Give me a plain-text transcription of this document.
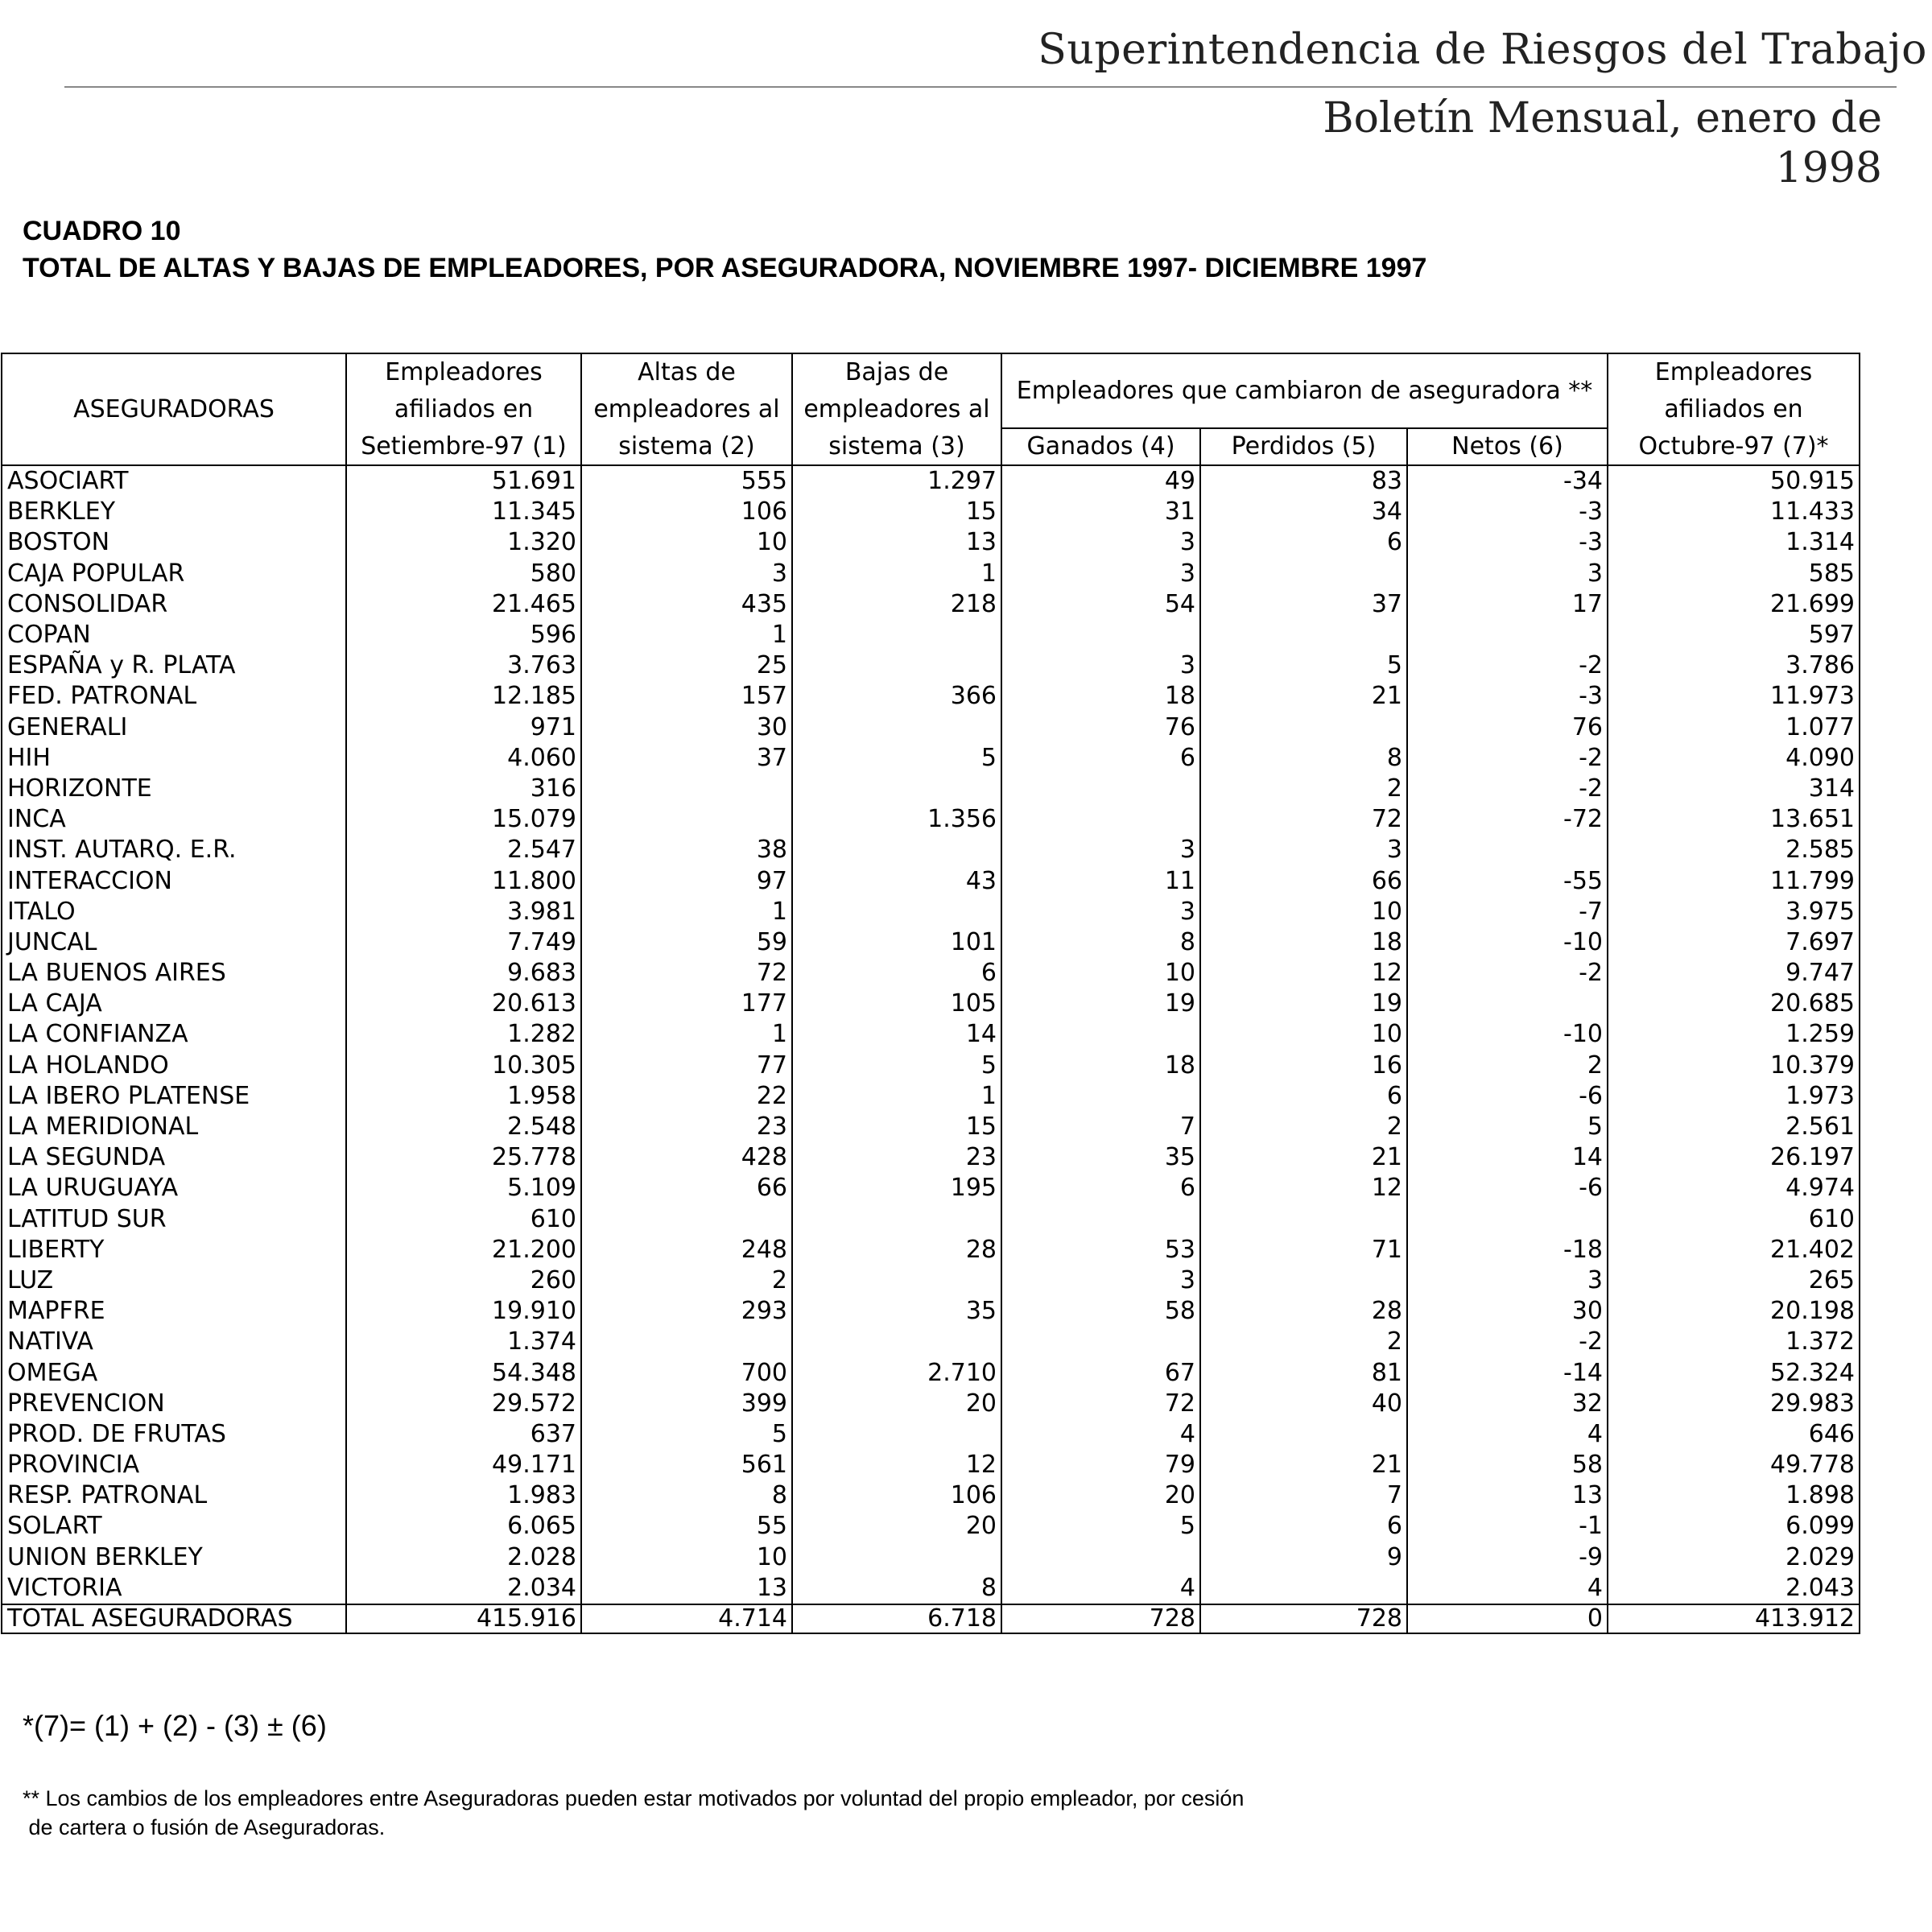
Superintendencia de Riesgos del Trabajo
Boletín Mensual, enero de
1998
CUADRO 10
TOTAL DE ALTAS Y BAJAS DE EMPLEADORES, POR ASEGURADORA, NOVIEMBRE 1997- DICIEMBRE 1997
ASEGURADORAS	Empleadores	Altas de	Bajas de	Empleadores que cambiaron de aseguradora **			Empleadores
	afiliados en	empleadores al	empleadores al				afiliados en
	Setiembre-97 (1)	sistema (2)	sistema (3)	Ganados (4)	Perdidos (5)	Netos (6)	Octubre-97 (7)*
ASOCIART	51.691	555	1.297	49	83	-34	50.915
BERKLEY	11.345	106	15	31	34	-3	11.433
BOSTON	1.320	10	13	3	6	-3	1.314
CAJA POPULAR	580	3	1	3		3	585
CONSOLIDAR	21.465	435	218	54	37	17	21.699
COPAN	596	1					597
ESPAÑA y R. PLATA	3.763	25		3	5	-2	3.786
FED. PATRONAL	12.185	157	366	18	21	-3	11.973
GENERALI	971	30		76		76	1.077
HIH	4.060	37	5	6	8	-2	4.090
HORIZONTE	316				2	-2	314
INCA	15.079		1.356		72	-72	13.651
INST. AUTARQ. E.R.	2.547	38		3	3		2.585
INTERACCION	11.800	97	43	11	66	-55	11.799
ITALO	3.981	1		3	10	-7	3.975
JUNCAL	7.749	59	101	8	18	-10	7.697
LA BUENOS AIRES	9.683	72	6	10	12	-2	9.747
LA CAJA	20.613	177	105	19	19		20.685
LA CONFIANZA	1.282	1	14		10	-10	1.259
LA HOLANDO	10.305	77	5	18	16	2	10.379
LA IBERO PLATENSE	1.958	22	1		6	-6	1.973
LA MERIDIONAL	2.548	23	15	7	2	5	2.561
LA SEGUNDA	25.778	428	23	35	21	14	26.197
LA URUGUAYA	5.109	66	195	6	12	-6	4.974
LATITUD SUR	610						610
LIBERTY	21.200	248	28	53	71	-18	21.402
LUZ	260	2		3		3	265
MAPFRE	19.910	293	35	58	28	30	20.198
NATIVA	1.374				2	-2	1.372
OMEGA	54.348	700	2.710	67	81	-14	52.324
PREVENCION	29.572	399	20	72	40	32	29.983
PROD. DE FRUTAS	637	5		4		4	646
PROVINCIA	49.171	561	12	79	21	58	49.778
RESP. PATRONAL	1.983	8	106	20	7	13	1.898
SOLART	6.065	55	20	5	6	-1	6.099
UNION BERKLEY	2.028	10			9	-9	2.029
VICTORIA	2.034	13	8	4		4	2.043
TOTAL ASEGURADORAS	415.916	4.714	6.718	728	728	0	413.912
*(7)= (1) + (2) - (3) ± (6)
** Los cambios de los empleadores entre Aseguradoras pueden estar motivados por voluntad del propio empleador, por cesión
de cartera o fusión de Aseguradoras.
